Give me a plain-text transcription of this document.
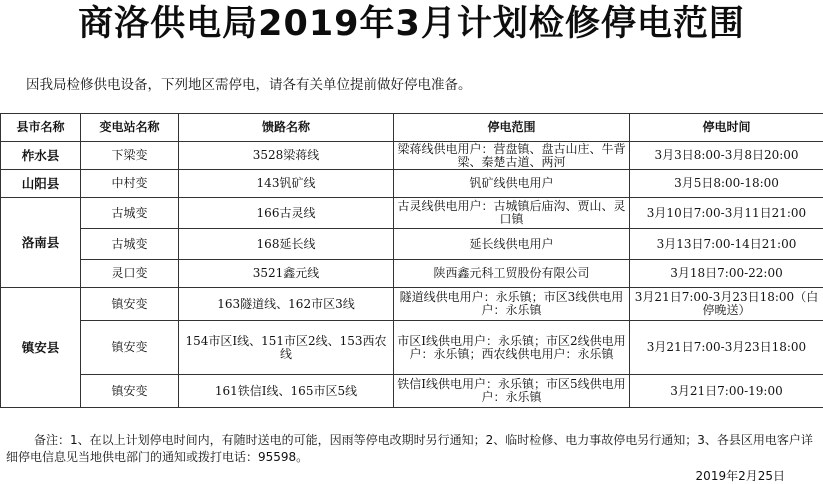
商洛供电局2019年3月计划检修停电范围
因我局检修供电设备，下列地区需停电，请各有关单位提前做好停电准备。
县市名称	变电站名称	馈路名称	停电范围	停电时间
柞水县	下梁变	3528梁蒋线	梁蒋线供电用户：营盘镇、盘古山庄、牛背梁、秦楚古道、两河	3月3日8:00-3月8日20:00
山阳县	中村变	143钒矿线	钒矿线供电用户	3月5日8:00-18:00
洛南县	古城变	166古灵线	古灵线供电用户：古城镇后庙沟、贾山、灵口镇	3月10日7:00-3月11日21:00
	古城变	168延长线	延长线供电用户	3月13日7:00-14日21:00
	灵口变	3521鑫元线	陕西鑫元科工贸股份有限公司	3月18日7:00-22:00
镇安县	镇安变	163隧道线、162市区3线	隧道线供电用户：永乐镇；市区3线供电用户：永乐镇	3月21日7:00-3月23日18:00（白停晚送）
	镇安变	154市区Ⅰ线、151市区2线、153西农线	市区Ⅰ线供电用户：永乐镇；市区2线供电用户：永乐镇；西农线供电用户：永乐镇	3月21日7:00-3月23日18:00
	镇安变	161铁信Ⅰ线、165市区5线	铁信Ⅰ线供电用户：永乐镇；市区5线供电用户：永乐镇	3月21日7:00-19:00
备注：1、在以上计划停电时间内，有随时送电的可能，因雨等停电改期时另行通知；2、临时检修、电力事故停电另行通知；3、各县区用电客户详细停电信息见当地供电部门的通知或拨打电话：95598。
2019年2月25日
